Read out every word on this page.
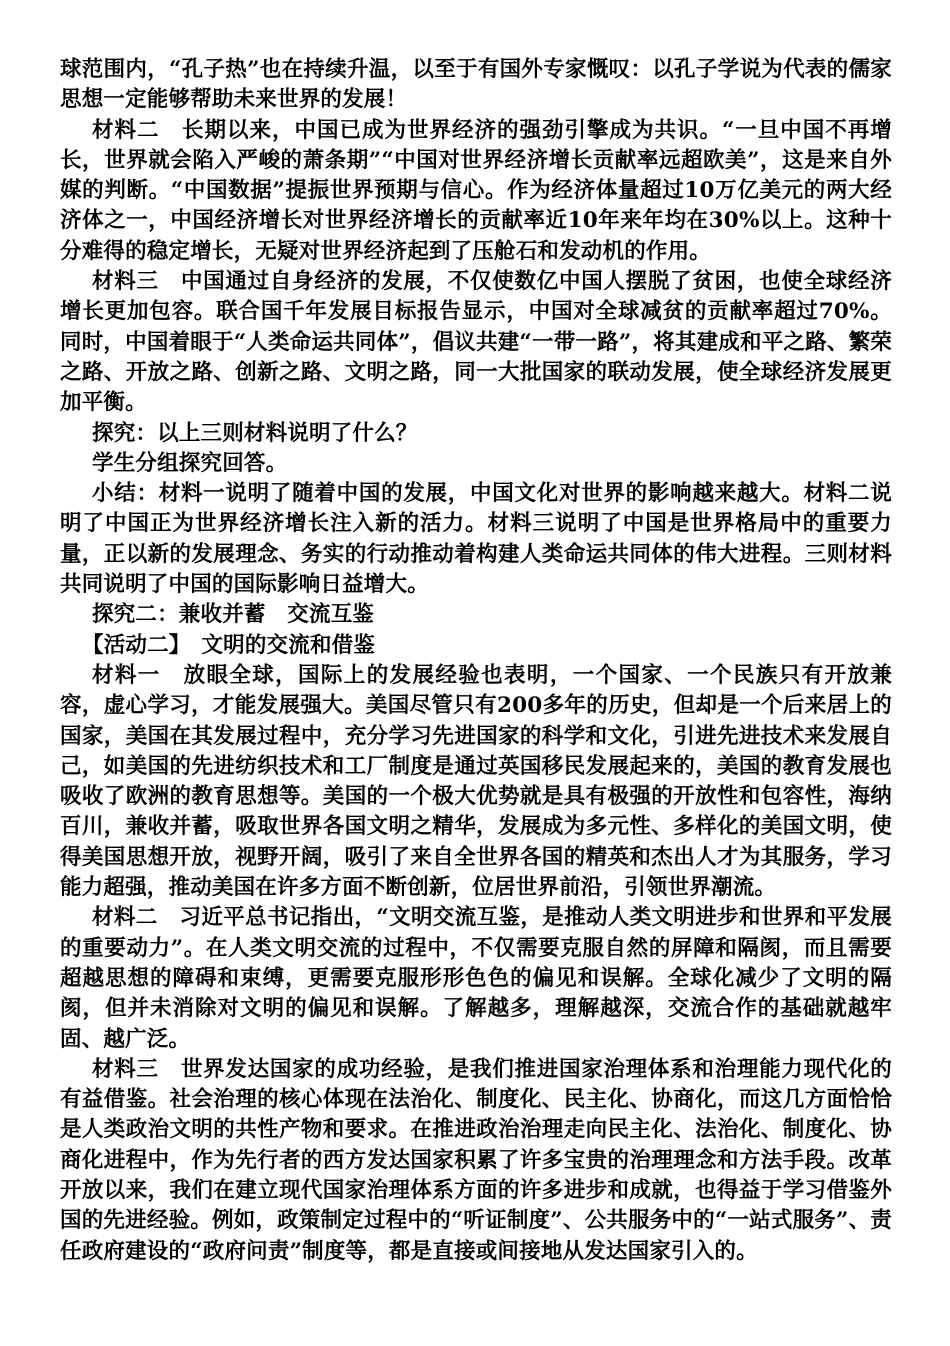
球范围内，“孔子热”也在持续升温，以至于有国外专家慨叹：以孔子学说为代表的儒家思想一定能够帮助未来世界的发展！

材料二　长期以来，中国已成为世界经济的强劲引擎成为共识。“一旦中国不再增长，世界就会陷入严峻的萧条期”“中国对世界经济增长贡献率远超欧美”，这是来自外媒的判断。“中国数据”提振世界预期与信心。作为经济体量超过10万亿美元的两大经济体之一，中国经济增长对世界经济增长的贡献率近10年来年均在30%以上。这种十分难得的稳定增长，无疑对世界经济起到了压舱石和发动机的作用。

材料三　中国通过自身经济的发展，不仅使数亿中国人摆脱了贫困，也使全球经济增长更加包容。联合国千年发展目标报告显示，中国对全球减贫的贡献率超过70%。同时，中国着眼于“人类命运共同体”，倡议共建“一带一路”，将其建成和平之路、繁荣之路、开放之路、创新之路、文明之路，同一大批国家的联动发展，使全球经济发展更加平衡。

探究：以上三则材料说明了什么？

学生分组探究回答。

小结：材料一说明了随着中国的发展，中国文化对世界的影响越来越大。材料二说明了中国正为世界经济增长注入新的活力。材料三说明了中国是世界格局中的重要力量，正以新的发展理念、务实的行动推动着构建人类命运共同体的伟大进程。三则材料共同说明了中国的国际影响日益增大。

探究二：兼收并蓄　交流互鉴

【活动二】　文明的交流和借鉴

材料一　放眼全球，国际上的发展经验也表明，一个国家、一个民族只有开放兼容，虚心学习，才能发展强大。美国尽管只有200多年的历史，但却是一个后来居上的国家，美国在其发展过程中，充分学习先进国家的科学和文化，引进先进技术来发展自己，如美国的先进纺织技术和工厂制度是通过英国移民发展起来的，美国的教育发展也吸收了欧洲的教育思想等。美国的一个极大优势就是具有极强的开放性和包容性，海纳百川，兼收并蓄，吸取世界各国文明之精华，发展成为多元性、多样化的美国文明，使得美国思想开放，视野开阔，吸引了来自全世界各国的精英和杰出人才为其服务，学习能力超强，推动美国在许多方面不断创新，位居世界前沿，引领世界潮流。

材料二　习近平总书记指出，“文明交流互鉴，是推动人类文明进步和世界和平发展的重要动力”。在人类文明交流的过程中，不仅需要克服自然的屏障和隔阂，而且需要超越思想的障碍和束缚，更需要克服形形色色的偏见和误解。全球化减少了文明的隔阂，但并未消除对文明的偏见和误解。了解越多，理解越深，交流合作的基础就越牢固、越广泛。

材料三　世界发达国家的成功经验，是我们推进国家治理体系和治理能力现代化的有益借鉴。社会治理的核心体现在法治化、制度化、民主化、协商化，而这几方面恰恰是人类政治文明的共性产物和要求。在推进政治治理走向民主化、法治化、制度化、协商化进程中，作为先行者的西方发达国家积累了许多宝贵的治理理念和方法手段。改革开放以来，我们在建立现代国家治理体系方面的许多进步和成就，也得益于学习借鉴外国的先进经验。例如，政策制定过程中的“听证制度”、公共服务中的“一站式服务”、责任政府建设的“政府问责”制度等，都是直接或间接地从发达国家引入的。
